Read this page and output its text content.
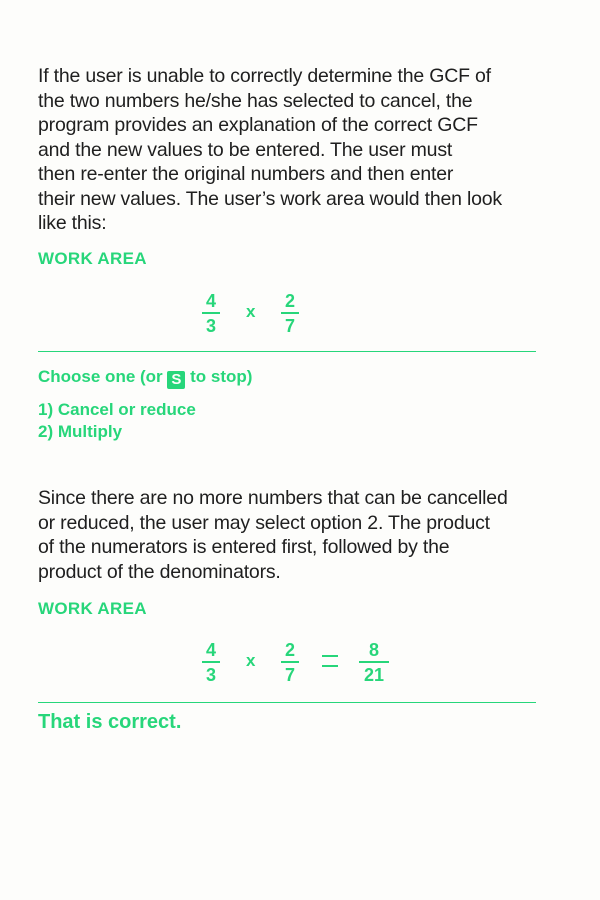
If the user is unable to correctly determine the GCF of
the two numbers he/she has selected to cancel, the
program provides an explanation of the correct GCF
and the new values to be entered. The user must
then re-enter the original numbers and then enter
their new values. The user’s work area would then look
like this:

WORK AREA
4
3
x
2
7
Choose one (or S to stop)
1) Cancel or reduce
2) Multiply

Since there are no more numbers that can be cancelled
or reduced, the user may select option 2. The product
of the numerators is entered first, followed by the
product of the denominators.

WORK AREA
4
3
x
2
7
8
21
That is correct.
